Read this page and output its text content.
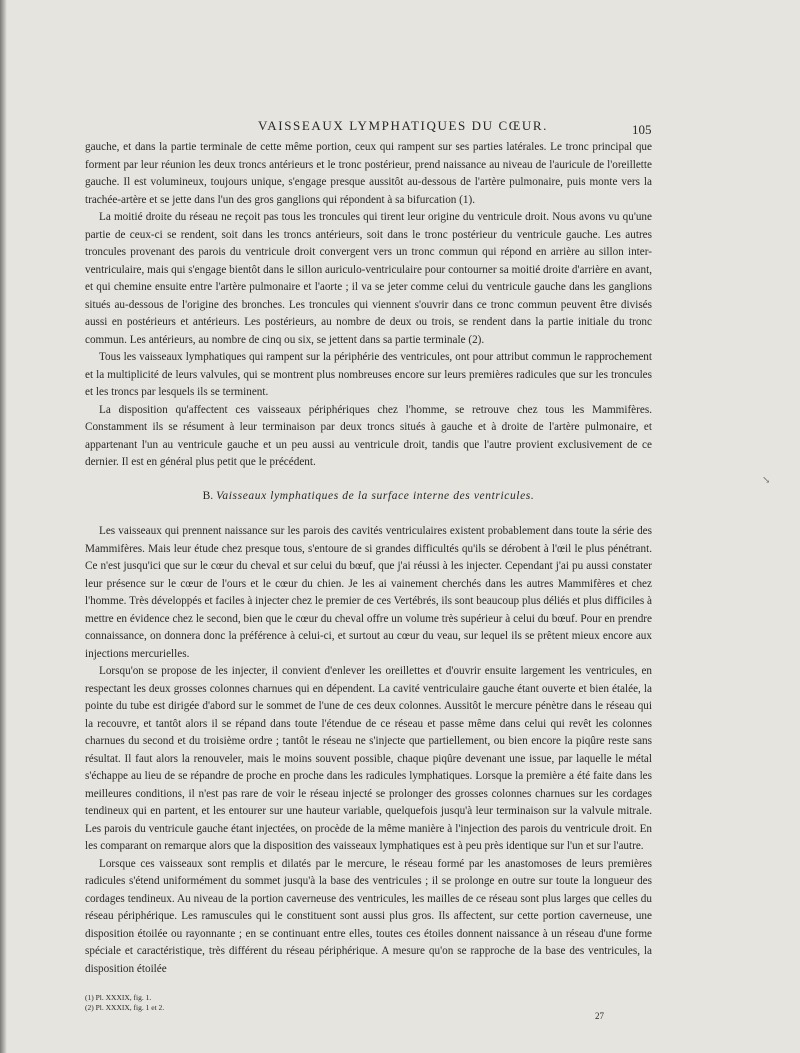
VAISSEAUX LYMPHATIQUES DU CŒUR.	105

gauche, et dans la partie terminale de cette même portion, ceux qui rampent sur ses parties latérales. Le tronc principal que forment par leur réunion les deux troncs antérieurs et le tronc postérieur, prend naissance au niveau de l'auricule de l'oreillette gauche. Il est volumineux, toujours unique, s'engage presque aussitôt au-dessous de l'artère pulmonaire, puis monte vers la trachée-artère et se jette dans l'un des gros ganglions qui répondent à sa bifurcation (1).

La moitié droite du réseau ne reçoit pas tous les troncules qui tirent leur origine du ventricule droit. Nous avons vu qu'une partie de ceux-ci se rendent, soit dans les troncs antérieurs, soit dans le tronc postérieur du ventricule gauche. Les autres troncules provenant des parois du ventricule droit convergent vers un tronc commun qui répond en arrière au sillon inter-ventriculaire, mais qui s'engage bientôt dans le sillon auriculo-ventriculaire pour contourner sa moitié droite d'arrière en avant, et qui chemine ensuite entre l'artère pulmonaire et l'aorte ; il va se jeter comme celui du ventricule gauche dans les ganglions situés au-dessous de l'origine des bronches. Les troncules qui viennent s'ouvrir dans ce tronc commun peuvent être divisés aussi en postérieurs et antérieurs. Les postérieurs, au nombre de deux ou trois, se rendent dans la partie initiale du tronc commun. Les antérieurs, au nombre de cinq ou six, se jettent dans sa partie terminale (2).

Tous les vaisseaux lymphatiques qui rampent sur la périphérie des ventricules, ont pour attribut commun le rapprochement et la multiplicité de leurs valvules, qui se montrent plus nombreuses encore sur leurs premières radicules que sur les troncules et les troncs par lesquels ils se terminent.

La disposition qu'affectent ces vaisseaux périphériques chez l'homme, se retrouve chez tous les Mammifères. Constamment ils se résument à leur terminaison par deux troncs situés à gauche et à droite de l'artère pulmonaire, et appartenant l'un au ventricule gauche et un peu aussi au ventricule droit, tandis que l'autre provient exclusivement de ce dernier. Il est en général plus petit que le précédent.

B. Vaisseaux lymphatiques de la surface interne des ventricules.

Les vaisseaux qui prennent naissance sur les parois des cavités ventriculaires existent probablement dans toute la série des Mammifères. Mais leur étude chez presque tous, s'entoure de si grandes difficultés qu'ils se dérobent à l'œil le plus pénétrant. Ce n'est jusqu'ici que sur le cœur du cheval et sur celui du bœuf, que j'ai réussi à les injecter. Cependant j'ai pu aussi constater leur présence sur le cœur de l'ours et le cœur du chien. Je les ai vainement cherchés dans les autres Mammifères et chez l'homme. Très développés et faciles à injecter chez le premier de ces Vertébrés, ils sont beaucoup plus déliés et plus difficiles à mettre en évidence chez le second, bien que le cœur du cheval offre un volume très supérieur à celui du bœuf. Pour en prendre connaissance, on donnera donc la préférence à celui-ci, et surtout au cœur du veau, sur lequel ils se prêtent mieux encore aux injections mercurielles.

Lorsqu'on se propose de les injecter, il convient d'enlever les oreillettes et d'ouvrir ensuite largement les ventricules, en respectant les deux grosses colonnes charnues qui en dépendent. La cavité ventriculaire gauche étant ouverte et bien étalée, la pointe du tube est dirigée d'abord sur le sommet de l'une de ces deux colonnes. Aussitôt le mercure pénètre dans le réseau qui la recouvre, et tantôt alors il se répand dans toute l'étendue de ce réseau et passe même dans celui qui revêt les colonnes charnues du second et du troisième ordre ; tantôt le réseau ne s'injecte que partiellement, ou bien encore la piqûre reste sans résultat. Il faut alors la renouveler, mais le moins souvent possible, chaque piqûre devenant une issue, par laquelle le métal s'échappe au lieu de se répandre de proche en proche dans les radicules lymphatiques. Lorsque la première a été faite dans les meilleures conditions, il n'est pas rare de voir le réseau injecté se prolonger des grosses colonnes charnues sur les cordages tendineux qui en partent, et les entourer sur une hauteur variable, quelquefois jusqu'à leur terminaison sur la valvule mitrale. Les parois du ventricule gauche étant injectées, on procède de la même manière à l'injection des parois du ventricule droit. En les comparant on remarque alors que la disposition des vaisseaux lymphatiques est à peu près identique sur l'un et sur l'autre.

Lorsque ces vaisseaux sont remplis et dilatés par le mercure, le réseau formé par les anastomoses de leurs premières radicules s'étend uniformément du sommet jusqu'à la base des ventricules ; il se prolonge en outre sur toute la longueur des cordages tendineux. Au niveau de la portion caverneuse des ventricules, les mailles de ce réseau sont plus larges que celles du réseau périphérique. Les ramuscules qui le constituent sont aussi plus gros. Ils affectent, sur cette portion caverneuse, une disposition étoilée ou rayonnante ; en se continuant entre elles, toutes ces étoiles donnent naissance à un réseau d'une forme spéciale et caractéristique, très différent du réseau périphérique. A mesure qu'on se rapproche de la base des ventricules, la disposition étoilée

(1) Pl. XXXIX, fig. 1.
(2) Pl. XXXIX, fig. 1 et 2.
27
↘
